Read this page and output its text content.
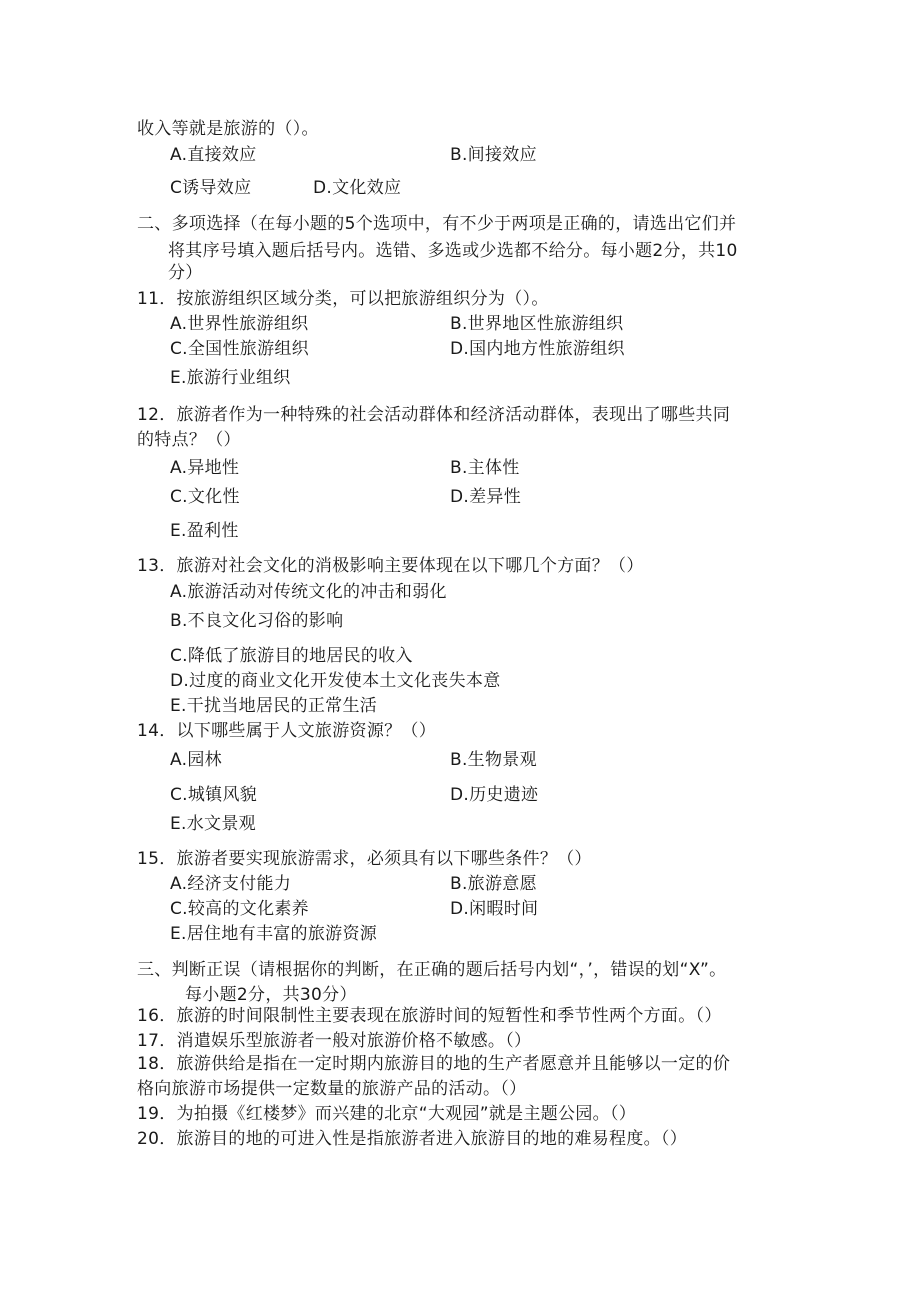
收入等就是旅游的（）。
A.直接效应	B.间接效应
C诱导效应	D.文化效应
二、多项选择（在每小题的5个选项中，有不少于两项是正确的，请选出它们并
将其序号填入题后括号内。选错、多选或少选都不给分。每小题2分，共10
分）
11．按旅游组织区域分类，可以把旅游组织分为（）。
A.世界性旅游组织	B.世界地区性旅游组织
C.全国性旅游组织	D.国内地方性旅游组织
E.旅游行业组织
12．旅游者作为一种特殊的社会活动群体和经济活动群体，表现出了哪些共同
的特点？（）
A.异地性	B.主体性
C.文化性	D.差异性
E.盈利性
13．旅游对社会文化的消极影响主要体现在以下哪几个方面？（）
A.旅游活动对传统文化的冲击和弱化
B.不良文化习俗的影响
C.降低了旅游目的地居民的收入
D.过度的商业文化开发使本土文化丧失本意
E.干扰当地居民的正常生活
14．以下哪些属于人文旅游资源？（）
A.园林	B.生物景观
C.城镇风貌	D.历史遗迹
E.水文景观
15．旅游者要实现旅游需求，必须具有以下哪些条件？（）
A.经济支付能力	B.旅游意愿
C.较高的文化素养	D.闲暇时间
E.居住地有丰富的旅游资源
三、判断正误（请根据你的判断，在正确的题后括号内划“，’，错误的划“X”。
每小题2分，共30分）
16．旅游的时间限制性主要表现在旅游时间的短暂性和季节性两个方面。（）
17．消遣娱乐型旅游者一般对旅游价格不敏感。（）
18．旅游供给是指在一定时期内旅游目的地的生产者愿意并且能够以一定的价
格向旅游市场提供一定数量的旅游产品的活动。（）
19．为拍摄《红楼梦》而兴建的北京“大观园”就是主题公园。（）
20．旅游目的地的可进入性是指旅游者进入旅游目的地的难易程度。（）
